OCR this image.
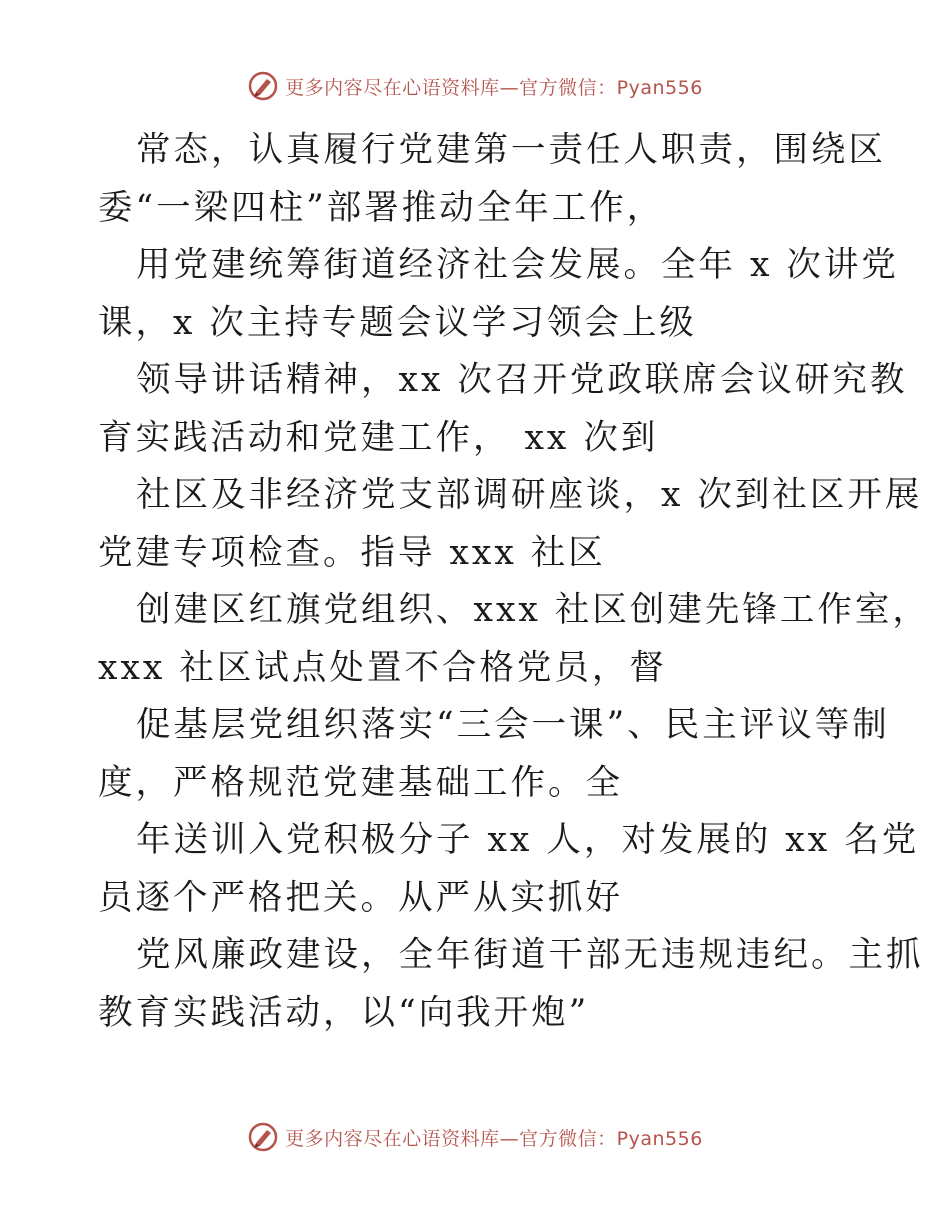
更多内容尽在心语资料库—官方微信：Pyan556

常态，认真履行党建第一责任人职责，围绕区
委“一梁四柱”部署推动全年工作，

用党建统筹街道经济社会发展。全年 x 次讲党
课，x 次主持专题会议学习领会上级

领导讲话精神，xx 次召开党政联席会议研究教
育实践活动和党建工作， xx 次到

社区及非经济党支部调研座谈，x 次到社区开展
党建专项检查。指导 xxx 社区

创建区红旗党组织、xxx 社区创建先锋工作室，
xxx 社区试点处置不合格党员，督

促基层党组织落实“三会一课”、民主评议等制
度，严格规范党建基础工作。全

年送训入党积极分子 xx 人，对发展的 xx 名党
员逐个严格把关。从严从实抓好

党风廉政建设，全年街道干部无违规违纪。主抓
教育实践活动，以“向我开炮”

更多内容尽在心语资料库—官方微信：Pyan556
